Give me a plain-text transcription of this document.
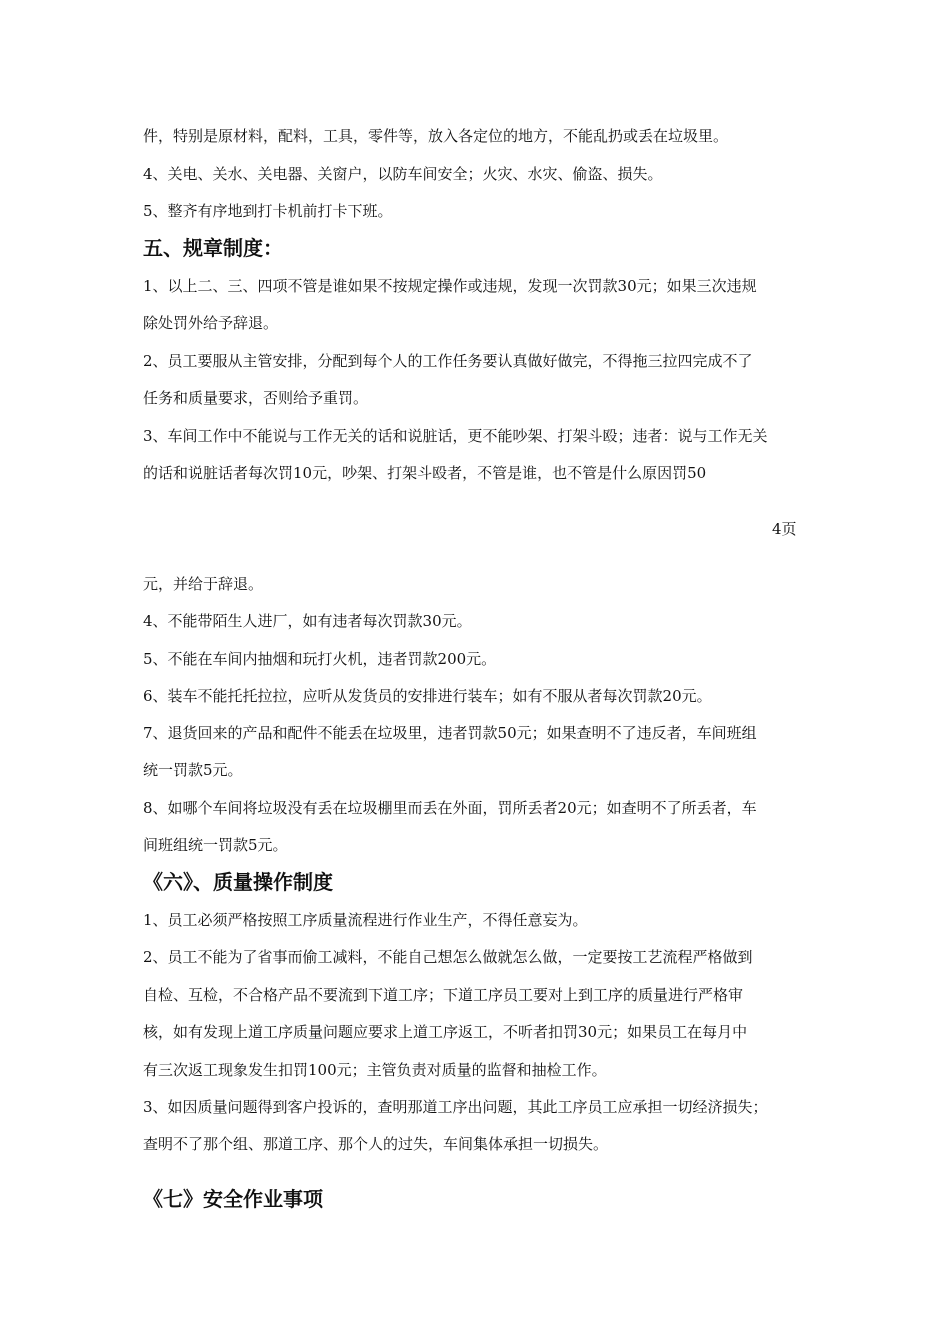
件，特别是原材料，配料，工具，零件等，放入各定位的地方，不能乱扔或丢在垃圾里。
4、关电、关水、关电器、关窗户，以防车间安全；火灾、水灾、偷盗、损失。
5、整齐有序地到打卡机前打卡下班。
五、规章制度：
1、以上二、三、四项不管是谁如果不按规定操作或违规，发现一次罚款30元；如果三次违规
除处罚外给予辞退。
2、员工要服从主管安排，分配到每个人的工作任务要认真做好做完，不得拖三拉四完成不了
任务和质量要求，否则给予重罚。
3、车间工作中不能说与工作无关的话和说脏话，更不能吵架、打架斗殴；违者：说与工作无关
的话和说脏话者每次罚10元，吵架、打架斗殴者，不管是谁，也不管是什么原因罚50
4页
元，并给于辞退。
4、不能带陌生人进厂，如有违者每次罚款30元。
5、不能在车间内抽烟和玩打火机，违者罚款200元。
6、装车不能托托拉拉，应听从发货员的安排进行装车；如有不服从者每次罚款20元。
7、退货回来的产品和配件不能丢在垃圾里，违者罚款50元；如果查明不了违反者，车间班组
统一罚款5元。
8、如哪个车间将垃圾没有丢在垃圾棚里而丢在外面，罚所丢者20元；如查明不了所丢者，车
间班组统一罚款5元。
《六》、质量操作制度
1、员工必须严格按照工序质量流程进行作业生产，不得任意妄为。
2、员工不能为了省事而偷工减料，不能自己想怎么做就怎么做，一定要按工艺流程严格做到
自检、互检，不合格产品不要流到下道工序；下道工序员工要对上到工序的质量进行严格审
核，如有发现上道工序质量问题应要求上道工序返工，不听者扣罚30元；如果员工在每月中
有三次返工现象发生扣罚100元；主管负责对质量的监督和抽检工作。
3、如因质量问题得到客户投诉的，查明那道工序出问题，其此工序员工应承担一切经济损失；
查明不了那个组、那道工序、那个人的过失，车间集体承担一切损失。
《七》安全作业事项
